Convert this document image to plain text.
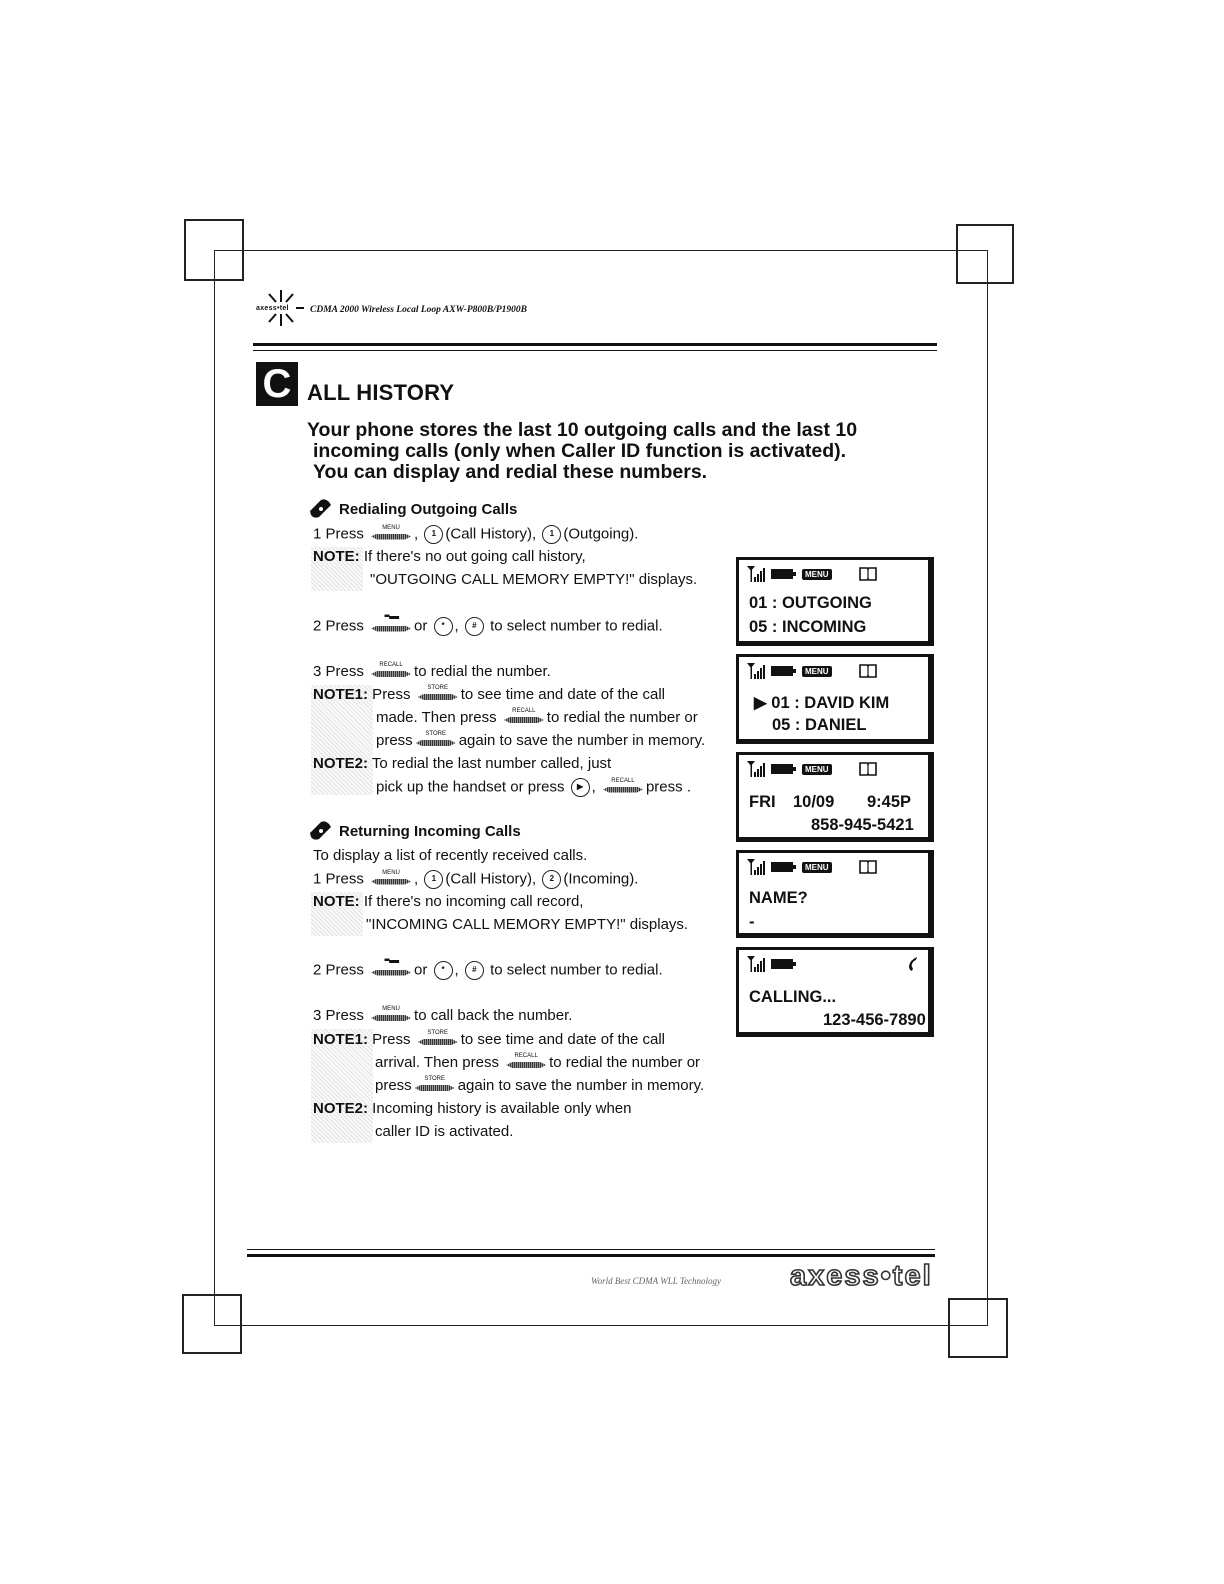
axess•tel CDMA 2000 Wireless Local Loop AXW-P800B/P1900B
C ALL HISTORY
Your phone stores the last 10 outgoing calls and the last 10
incoming calls (only when Caller ID function is activated).
You can display and redial these numbers.
Redialing Outgoing Calls
1 Press	MENU , 1 (Call History), 1 (Outgoing).
NOTE: If there's no out going call history,
"OUTGOING CALL MEMORY EMPTY!" displays.
2 Press
▪▪▬
or * , # to select number to redial.
3 Press	RECALL to redial the number.
NOTE1: Press	STORE to see time and date of the call
made. Then press	RECALL to redial the number or
press	STORE again to save the number in memory.
NOTE2: To redial the last number called, just
pick up the handset or press ▶ ,	RECALL press .
Returning Incoming Calls
To display a list of recently received calls.
1 Press	MENU , 1 (Call History), 2 (Incoming).
NOTE: If there's no incoming call record,
"INCOMING CALL MEMORY EMPTY!" displays.
2 Press
▪▪▬
or * , # to select number to redial.
3 Press	MENU to call back the number.
NOTE1: Press	STORE to see time and date of the call
arrival. Then press	RECALL to redial the number or
press	STORE again to save the number in memory.
NOTE2: Incoming history is available only when
caller ID is activated.
MENU
01 : OUTGOING
05 : INCOMING
MENU
▶ 01 : DAVID KIM
05 : DANIEL
MENU
FRI 10/09 9:45P
858-945-5421
MENU
NAME?
-
CALLING...
123-456-7890
World Best CDMA WLL Technology axess•tel
